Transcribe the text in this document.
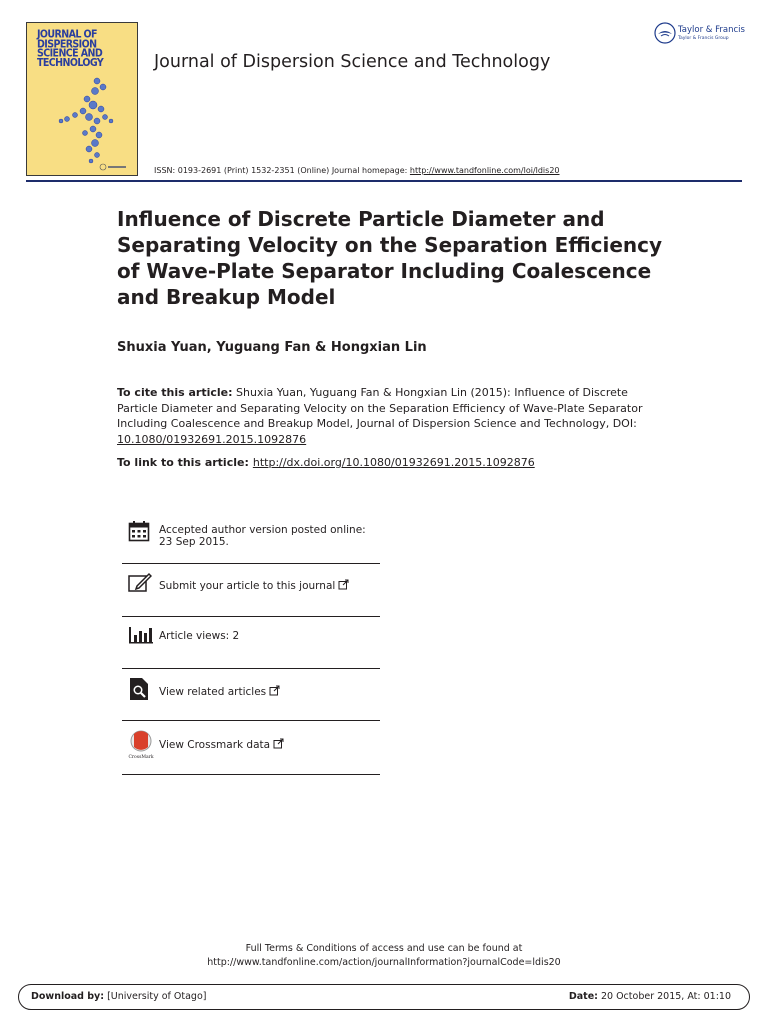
JOURNAL OF DISPERSION SCIENCE AND TECHNOLOGY	Journal of Dispersion Science and Technology
Taylor & Francis
Taylor & Francis Group
ISSN: 0193-2691 (Print) 1532-2351 (Online) Journal homepage: http://www.tandfonline.com/loi/ldis20
Influence of Discrete Particle Diameter and Separating Velocity on the Separation Efficiency of Wave-Plate Separator Including Coalescence and Breakup Model
Shuxia Yuan, Yuguang Fan & Hongxian Lin
To cite this article: Shuxia Yuan, Yuguang Fan & Hongxian Lin (2015): Influence of Discrete Particle Diameter and Separating Velocity on the Separation Efficiency of Wave-Plate Separator Including Coalescence and Breakup Model, Journal of Dispersion Science and Technology, DOI: 10.1080/01932691.2015.1092876
To link to this article: http://dx.doi.org/10.1080/01932691.2015.1092876
Accepted author version posted online: 23 Sep 2015.
Submit your article to this journal
Article views: 2
View related articles
CrossMark
View Crossmark data
Full Terms & Conditions of access and use can be found at
http://www.tandfonline.com/action/journalInformation?journalCode=ldis20
Download by: [University of Otago]	Date: 20 October 2015, At: 01:10
